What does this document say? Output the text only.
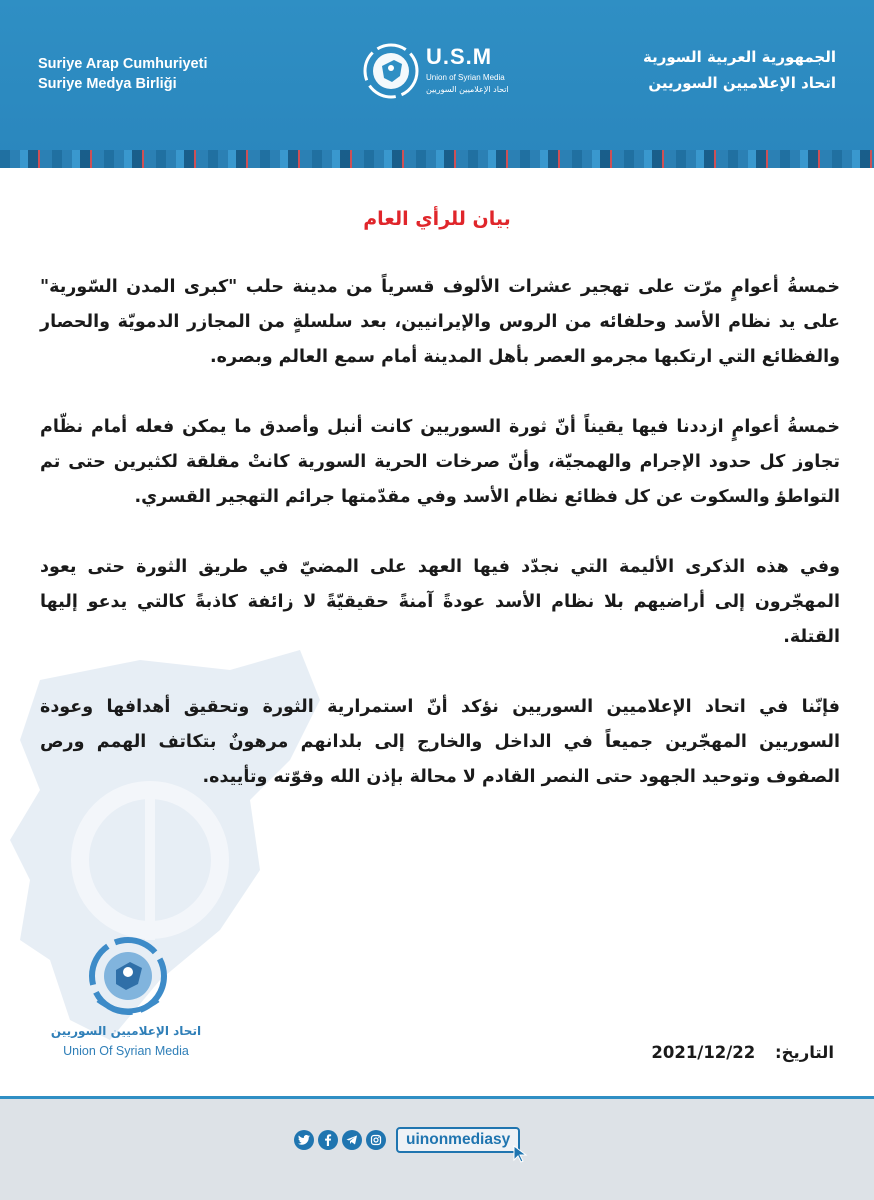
Suriye Arap Cumhuriyeti
Suriye Medya Birliği
U.S.M
Union of Syrian Media
اتحاد الإعلاميين السوريين
الجمهورية العربية السورية
اتحاد الإعلاميين السوريين
بيان للرأي العام

خمسةُ أعوامٍ مرّت على تهجير عشرات الألوف قسرياً من مدينة حلب "كبرى المدن السّورية" على يد نظام الأسد وحلفائه من الروس والإيرانيين، بعد سلسلةٍ من المجازر الدمويّة والحصار والفظائع التي ارتكبها مجرمو العصر بأهل المدينة أمام سمع العالم وبصره.

خمسةُ أعوامٍ ازددنا فيها يقيناً أنّ ثورة السوريين كانت أنبل وأصدق ما يمكن فعله أمام نظّام تجاوز كل حدود الإجرام والهمجيّة، وأنّ صرخات الحرية السورية كانتْ مقلقة لكثيرين حتى تم التواطؤ والسكوت عن كل فظائع نظام الأسد وفي مقدّمتها جرائم التهجير القسري.

وفي هذه الذكرى الأليمة التي نجدّد فيها العهد على المضيّ في طريق الثورة حتى يعود المهجّرون إلى أراضيهم بلا نظام الأسد عودةً آمنةً حقيقيّةً لا زائفة كاذبةً كالتي يدعو إليها القتلة.

فإنّنا في اتحاد الإعلاميين السوريين نؤكد أنّ استمرارية الثورة وتحقيق أهدافها وعودة السوريين المهجّرين جميعاً في الداخل والخارج إلى بلدانهم مرهونٌ بتكاتف الهمم ورص الصفوف وتوحيد الجهود حتى النصر القادم لا محالة بإذن الله وقوّته وتأييده.

اتحاد الإعلاميين السوريين
Union Of Syrian Media	التاريخ: 2021/12/22
uinonmediasy
